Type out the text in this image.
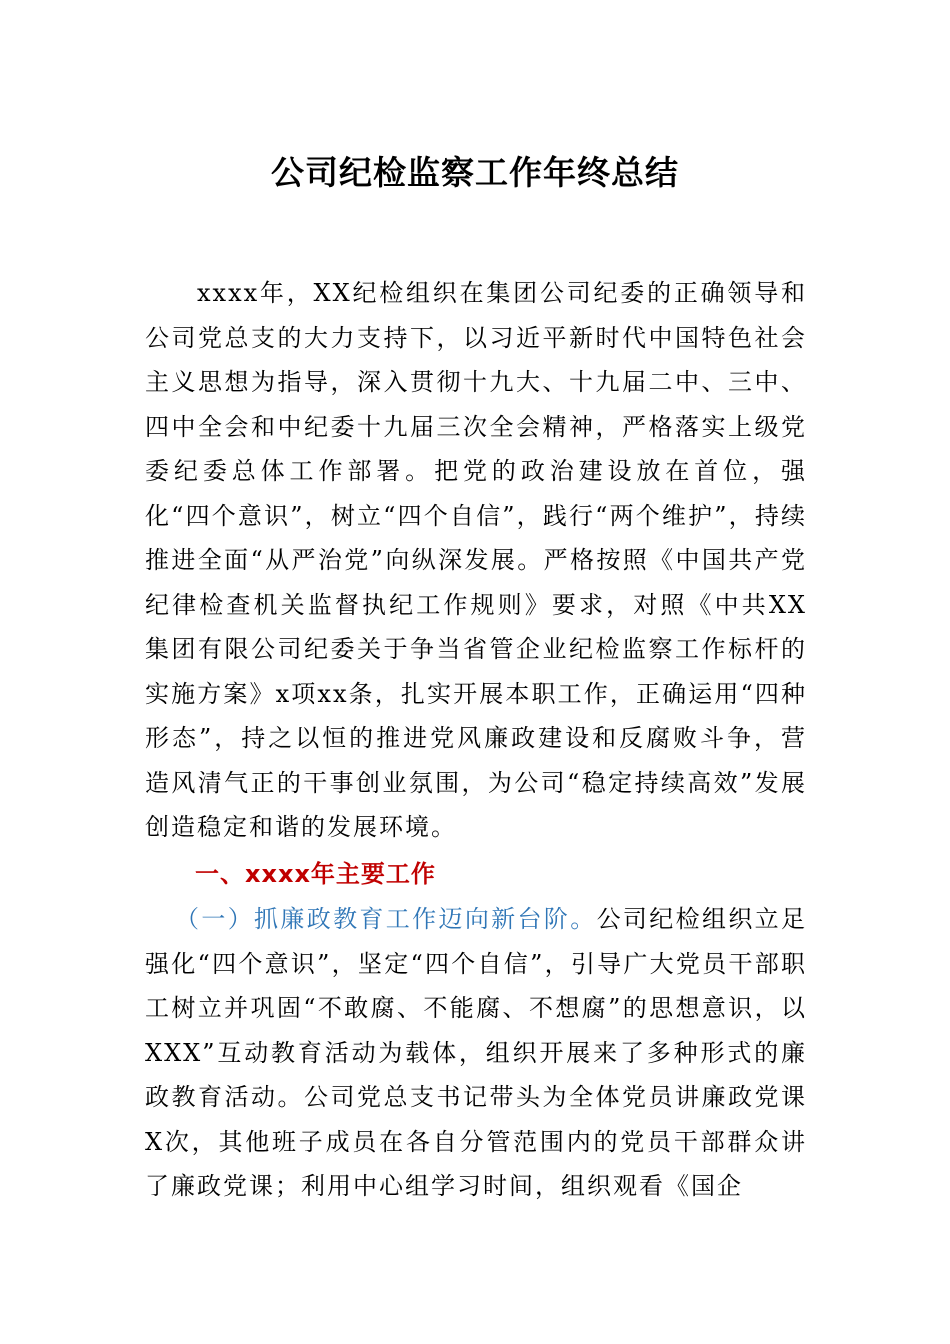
公司纪检监察工作年终总结
xxxx年，XX纪检组织在集团公司纪委的正确领导和公司党总支的大力支持下，以习近平新时代中国特色社会主义思想为指导，深入贯彻十九大、十九届二中、三中、四中全会和中纪委十九届三次全会精神，严格落实上级党委纪委总体工作部署。把党的政治建设放在首位，强化“四个意识”，树立“四个自信”，践行“两个维护”，持续推进全面“从严治党”向纵深发展。严格按照《中国共产党纪律检查机关监督执纪工作规则》要求，对照《中共XX集团有限公司纪委关于争当省管企业纪检监察工作标杆的实施方案》x项xx条，扎实开展本职工作，正确运用“四种形态”，持之以恒的推进党风廉政建设和反腐败斗争，营造风清气正的干事创业氛围，为公司“稳定持续高效”发展创造稳定和谐的发展环境。
一、xxxx年主要工作
（一）抓廉政教育工作迈向新台阶。公司纪检组织立足强化“四个意识”，坚定“四个自信”，引导广大党员干部职工树立并巩固“不敢腐、不能腐、不想腐”的思想意识，以XXX”互动教育活动为载体，组织开展来了多种形式的廉政教育活动。公司党总支书记带头为全体党员讲廉政党课X次，其他班子成员在各自分管范围内的党员干部群众讲了廉政党课；利用中心组学习时间，组织观看《国企
